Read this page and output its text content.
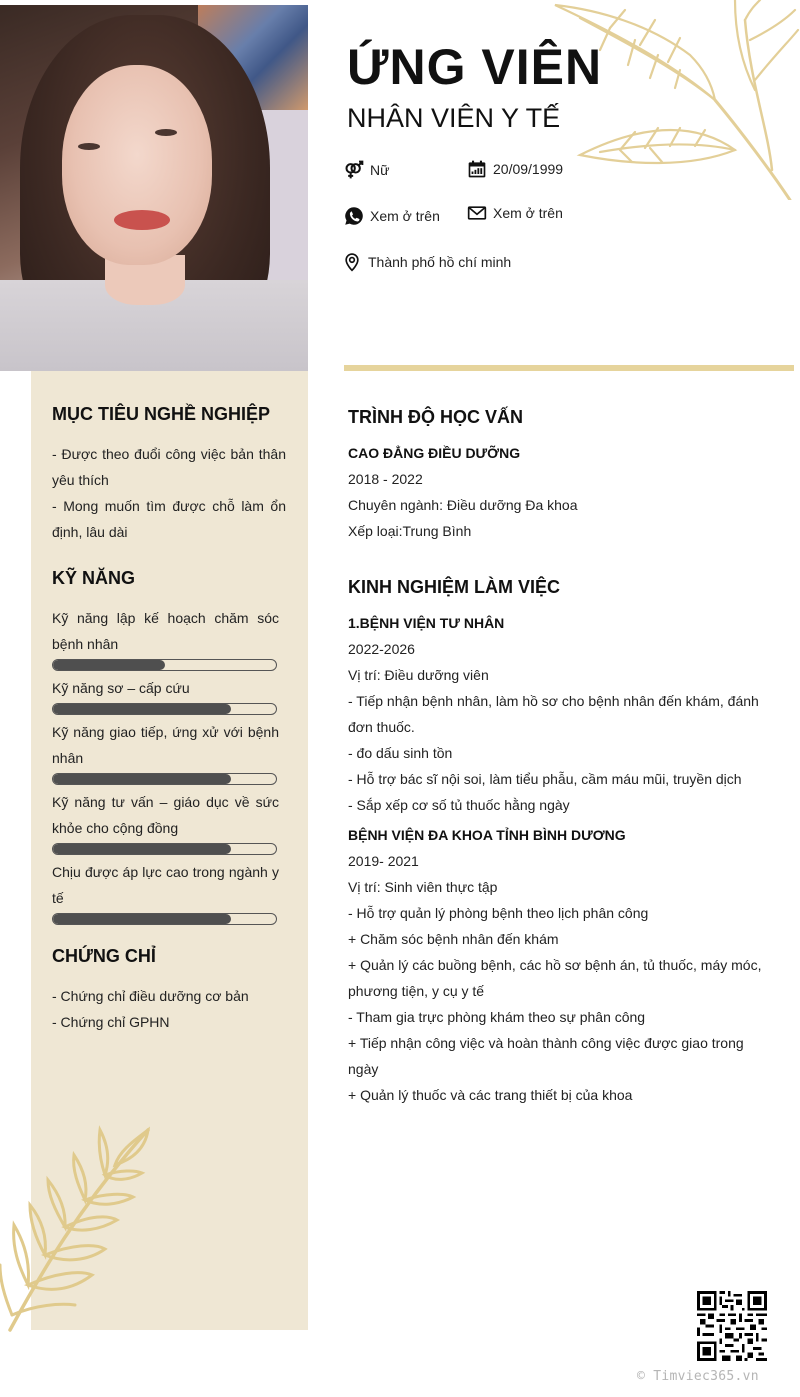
ỨNG VIÊN
NHÂN VIÊN Y TẾ
Nữ	20/09/1999
Xem ở trên	Xem ở trên
Thành phố hồ chí minh
MỤC TIÊU NGHỀ NGHIỆP

- Được theo đuổi công việc bản thân yêu thích

- Mong muốn tìm được chỗ làm ổn định, lâu dài

KỸ NĂNG
Kỹ năng lập kế hoạch chăm sóc bệnh nhân
Kỹ năng sơ – cấp cứu
Kỹ năng giao tiếp, ứng xử với bệnh nhân
Kỹ năng tư vấn – giáo dục về sức khỏe cho cộng đồng
Chịu được áp lực cao trong ngành y tế
CHỨNG CHỈ

- Chứng chỉ điều dưỡng cơ bản

- Chứng chỉ GPHN

TRÌNH ĐỘ HỌC VẤN
CAO ĐẲNG ĐIỀU DƯỠNG
2018 - 2022
Chuyên ngành: Điều dưỡng Đa khoa
Xếp loại:Trung Bình
KINH NGHIỆM LÀM VIỆC
1.BỆNH VIỆN TƯ NHÂN
2022-2026
Vị trí: Điều dưỡng viên
- Tiếp nhận bệnh nhân, làm hồ sơ cho bệnh nhân đến khám, đánh đơn thuốc.
- đo dấu sinh tồn
- Hỗ trợ bác sĩ nội soi, làm tiểu phẫu, cầm máu mũi, truyền dịch
- Sắp xếp cơ số tủ thuốc hằng ngày
BỆNH VIỆN ĐA KHOA TỈNH BÌNH DƯƠNG
2019- 2021
Vị trí: Sinh viên thực tập
- Hỗ trợ quản lý phòng bệnh theo lịch phân công
+ Chăm sóc bệnh nhân đến khám
+ Quản lý các buồng bệnh, các hồ sơ bệnh án, tủ thuốc, máy móc, phương tiện, y cụ y tế
- Tham gia trực phòng khám theo sự phân công
+ Tiếp nhận công việc và hoàn thành công việc được giao trong ngày
+ Quản lý thuốc và các trang thiết bị của khoa
© Timviec365.vn
